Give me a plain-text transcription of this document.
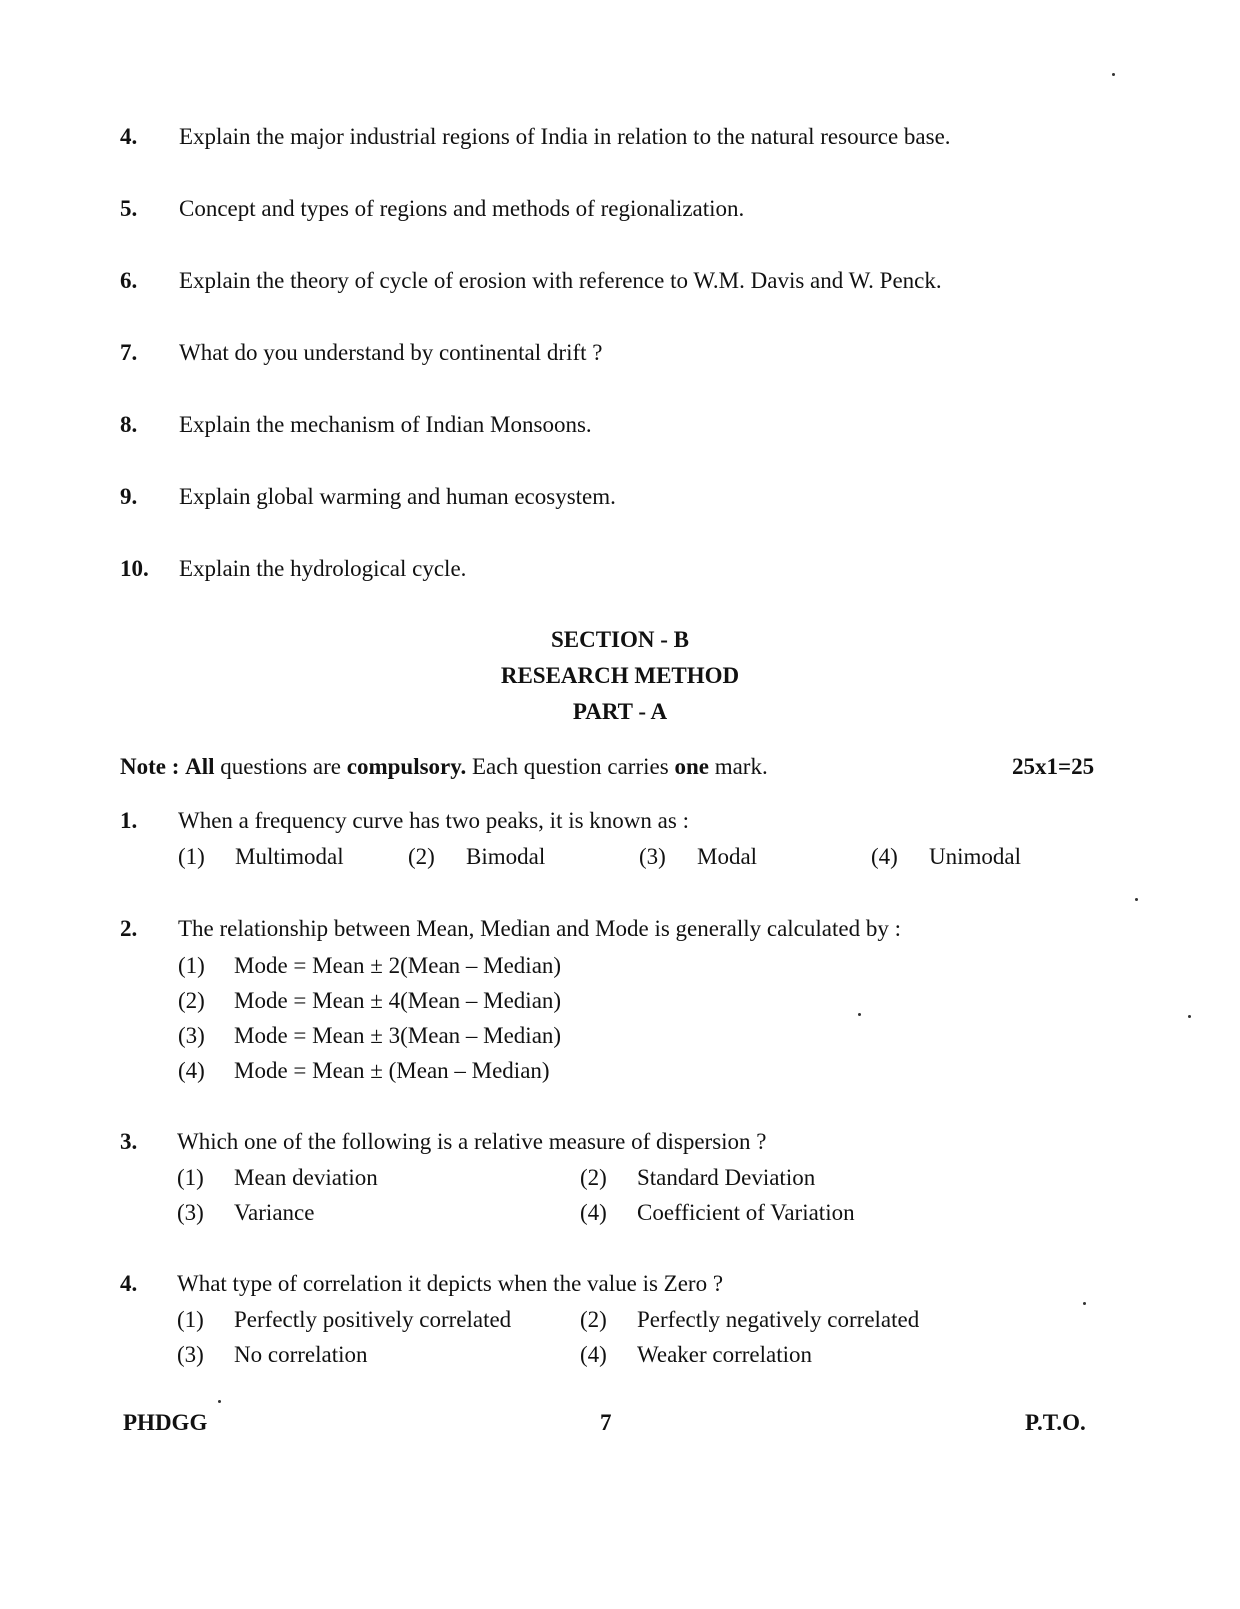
4. Explain the major industrial regions of India in relation to the natural resource base.
5. Concept and types of regions and methods of regionalization.
6. Explain the theory of cycle of erosion with reference to W.M. Davis and W. Penck.
7. What do you understand by continental drift ?
8. Explain the mechanism of Indian Monsoons.
9. Explain global warming and human ecosystem.
10. Explain the hydrological cycle.
SECTION - B
RESEARCH METHOD
PART - A
Note : All questions are compulsory. Each question carries one mark.	25x1=25
1. When a frequency curve has two peaks, it is known as :
(1) Multimodal	(2) Bimodal	(3) Modal	(4) Unimodal
2. The relationship between Mean, Median and Mode is generally calculated by :
(1) Mode = Mean ± 2(Mean – Median)
(2) Mode = Mean ± 4(Mean – Median)
(3) Mode = Mean ± 3(Mean – Median)
(4) Mode = Mean ± (Mean – Median)
3. Which one of the following is a relative measure of dispersion ?
(1) Mean deviation	(2) Standard Deviation
(3) Variance	(4) Coefficient of Variation
4. What type of correlation it depicts when the value is Zero ?
(1) Perfectly positively correlated	(2) Perfectly negatively correlated
(3) No correlation	(4) Weaker correlation
PHDGG	7	P.T.O.
